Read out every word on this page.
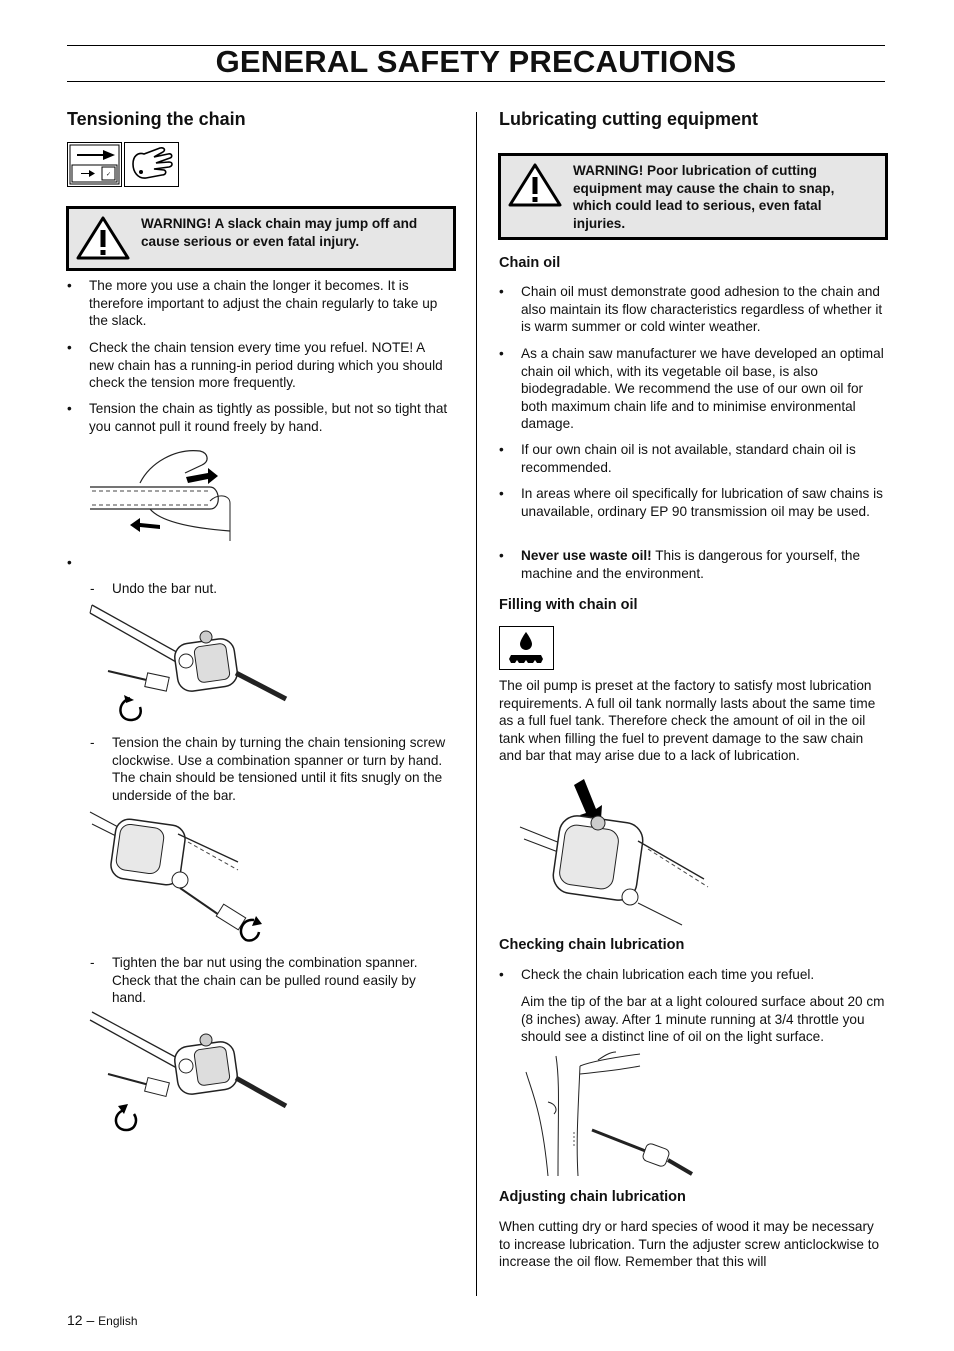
GENERAL SAFETY PRECAUTIONS
Tensioning the chain
✓
WARNING! A slack chain may jump off and cause serious or even fatal injury.
• The more you use a chain the longer it becomes. It is therefore important to adjust the chain regularly to take up the slack.
• Check the chain tension every time you refuel. NOTE! A new chain has a running-in period during which you should check the tension more frequently.
• Tension the chain as tightly as possible, but not so tight that you cannot pull it round freely by hand.
•
- Undo the bar nut.
- Tension the chain by turning the chain tensioning screw clockwise. Use a combination spanner or turn by hand. The chain should be tensioned until it fits snugly on the underside of the bar.
- Tighten the bar nut using the combination spanner. Check that the chain can be pulled round easily by hand.
Lubricating cutting equipment
WARNING! Poor lubrication of cutting equipment may cause the chain to snap, which could lead to serious, even fatal injuries.
Chain oil
• Chain oil must demonstrate good adhesion to the chain and also maintain its flow characteristics regardless of whether it is warm summer or cold winter weather.
• As a chain saw manufacturer we have developed an optimal chain oil which, with its vegetable oil base, is also biodegradable. We recommend the use of our own oil for both maximum chain life and to minimise environmental damage.
• If our own chain oil is not available, standard chain oil is recommended.
• In areas where oil specifically for lubrication of saw chains is unavailable, ordinary EP 90 transmission oil may be used.
• Never use waste oil! This is dangerous for yourself, the machine and the environment.
Filling with chain oil
The oil pump is preset at the factory to satisfy most lubrication requirements. A full oil tank normally lasts about the same time as a full fuel tank. Therefore check the amount of oil in the oil tank when filling the fuel to prevent damage to the saw chain and bar that may arise due to a lack of lubrication.
Checking chain lubrication
• Check the chain lubrication each time you refuel.
Aim the tip of the bar at a light coloured surface about 20 cm (8 inches) away. After 1 minute running at 3/4 throttle you should see a distinct line of oil on the light surface.
Adjusting chain lubrication
When cutting dry or hard species of wood it may be necessary to increase lubrication. Turn the adjuster screw anticlockwise to increase the oil flow. Remember that this will
12 – English
